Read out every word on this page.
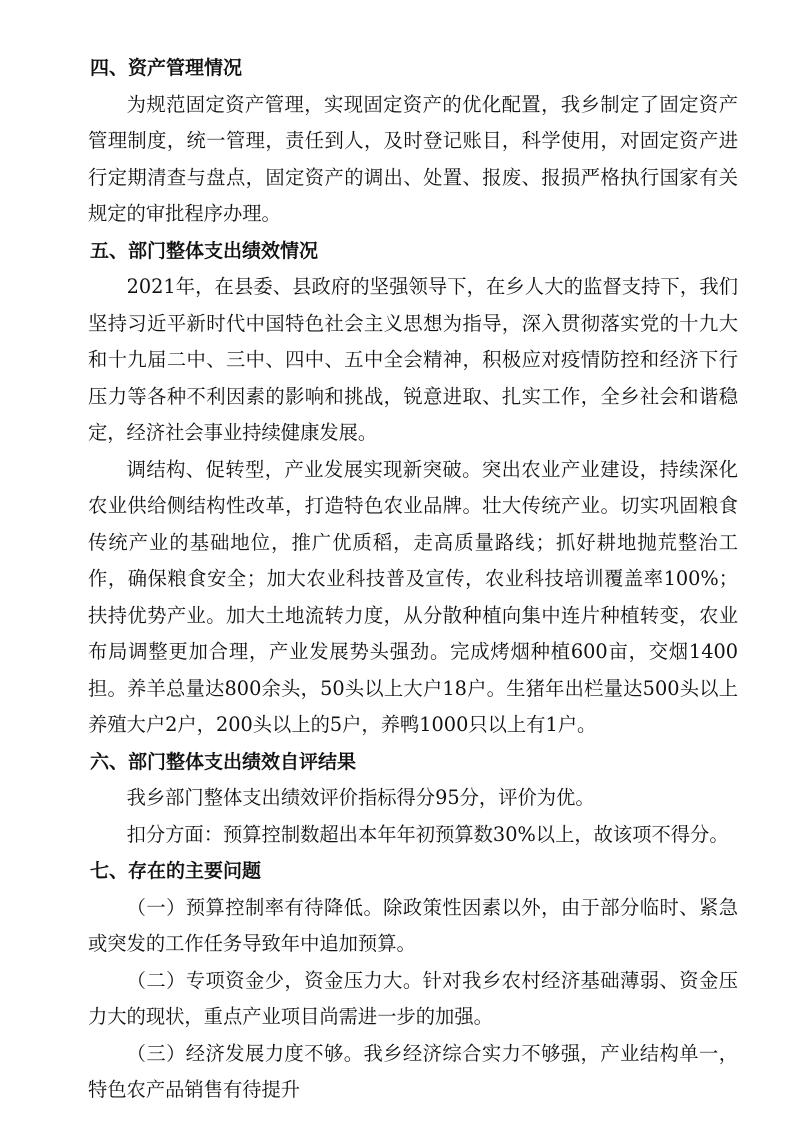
四、资产管理情况

为规范固定资产管理，实现固定资产的优化配置，我乡制定了固定资产管理制度，统一管理，责任到人，及时登记账目，科学使用，对固定资产进行定期清查与盘点，固定资产的调出、处置、报废、报损严格执行国家有关规定的审批程序办理。

五、部门整体支出绩效情况

2021年，在县委、县政府的坚强领导下，在乡人大的监督支持下，我们坚持习近平新时代中国特色社会主义思想为指导，深入贯彻落实党的十九大和十九届二中、三中、四中、五中全会精神，积极应对疫情防控和经济下行压力等各种不利因素的影响和挑战，锐意进取、扎实工作，全乡社会和谐稳定，经济社会事业持续健康发展。

调结构、促转型，产业发展实现新突破。突出农业产业建设，持续深化农业供给侧结构性改革，打造特色农业品牌。壮大传统产业。切实巩固粮食传统产业的基础地位，推广优质稻，走高质量路线；抓好耕地抛荒整治工作，确保粮食安全；加大农业科技普及宣传，农业科技培训覆盖率100%；扶持优势产业。加大土地流转力度，从分散种植向集中连片种植转变，农业布局调整更加合理，产业发展势头强劲。完成烤烟种植600亩，交烟1400担。养羊总量达800余头，50头以上大户18户。生猪年出栏量达500头以上养殖大户2户，200头以上的5户，养鸭1000只以上有1户。

六、部门整体支出绩效自评结果

我乡部门整体支出绩效评价指标得分95分，评价为优。

扣分方面：预算控制数超出本年年初预算数30%以上，故该项不得分。

七、存在的主要问题

（一）预算控制率有待降低。除政策性因素以外，由于部分临时、紧急或突发的工作任务导致年中追加预算。

（二）专项资金少，资金压力大。针对我乡农村经济基础薄弱、资金压力大的现状，重点产业项目尚需进一步的加强。

（三）经济发展力度不够。我乡经济综合实力不够强，产业结构单一，特色农产品销售有待提升
